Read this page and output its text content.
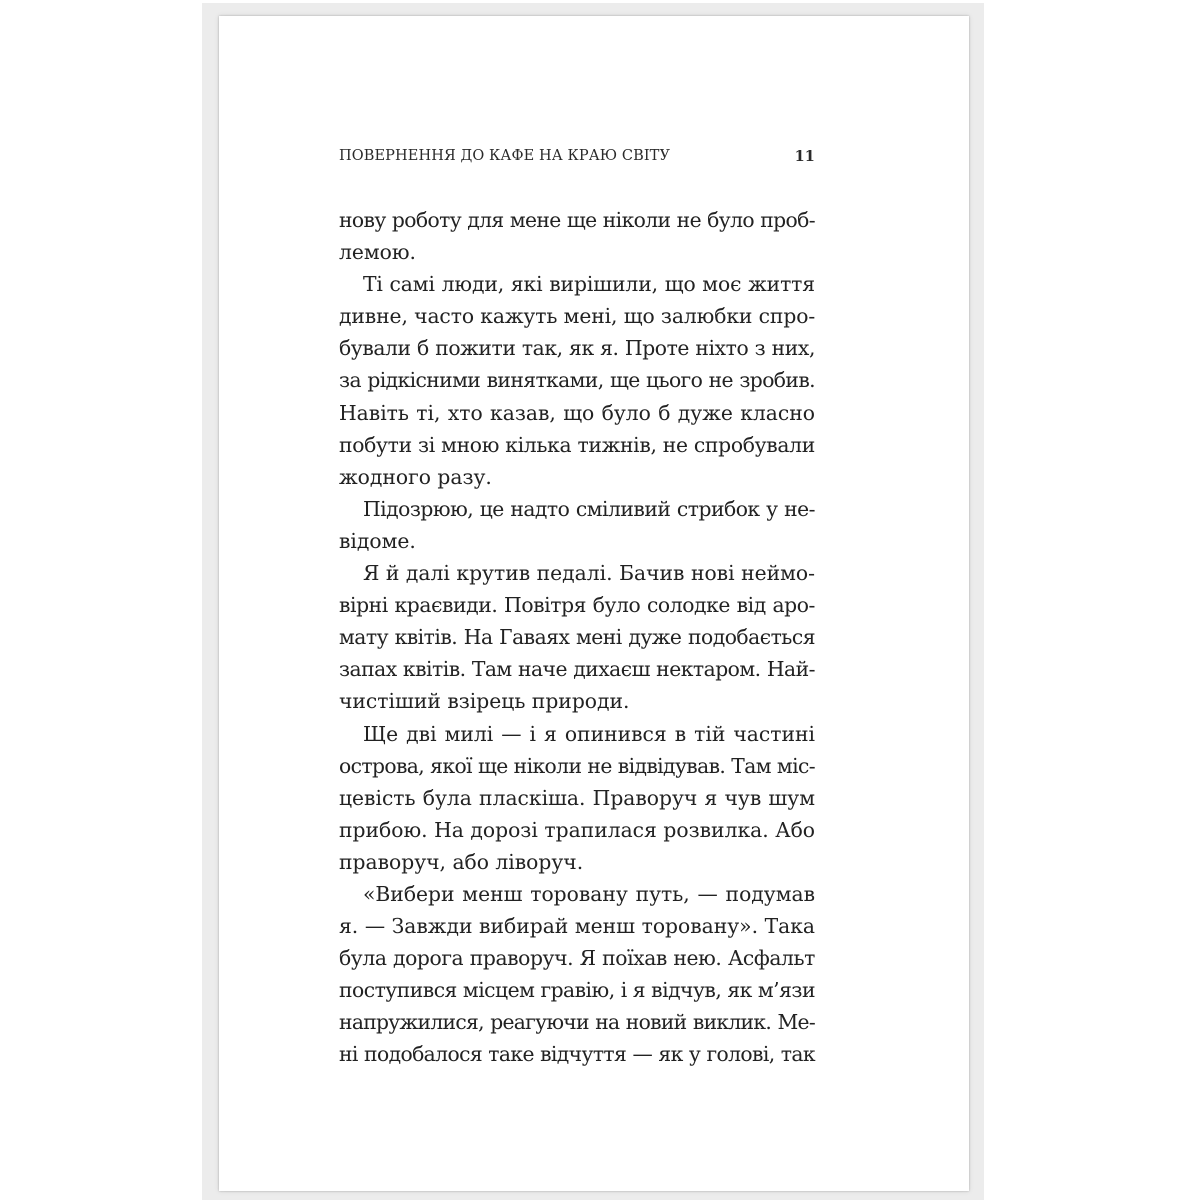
ПОВЕРНЕННЯ ДО КАФЕ НА КРАЮ СВІТУ	11
нову роботу для мене ще ніколи не було проб-
лемою.
Ті самі люди, які вирішили, що моє життя
дивне, часто кажуть мені, що залюбки спро-
бували б пожити так, як я. Проте ніхто з них,
за рідкісними винятками, ще цього не зробив.
Навіть ті, хто казав, що було б дуже класно
побути зі мною кілька тижнів, не спробували
жодного разу.
Підозрюю, це надто сміливий стрибок у не-
відоме.
Я й далі крутив педалі. Бачив нові неймо-
вірні краєвиди. Повітря було солодке від аро-
мату квітів. На Гаваях мені дуже подобається
запах квітів. Там наче дихаєш нектаром. Най-
чистіший взірець природи.
Ще дві милі — і я опинився в тій частині
острова, якої ще ніколи не відвідував. Там міс-
цевість була пласкіша. Праворуч я чув шум
прибою. На дорозі трапилася розвилка. Або
праворуч, або ліворуч.
«Вибери менш торовану путь, — подумав
я. — Завжди вибирай менш торовану». Така
була дорога праворуч. Я поїхав нею. Асфальт
поступився місцем гравію, і я відчув, як м’язи
напружилися, реагуючи на новий виклик. Ме-
ні подобалося таке відчуття — як у голові, так
